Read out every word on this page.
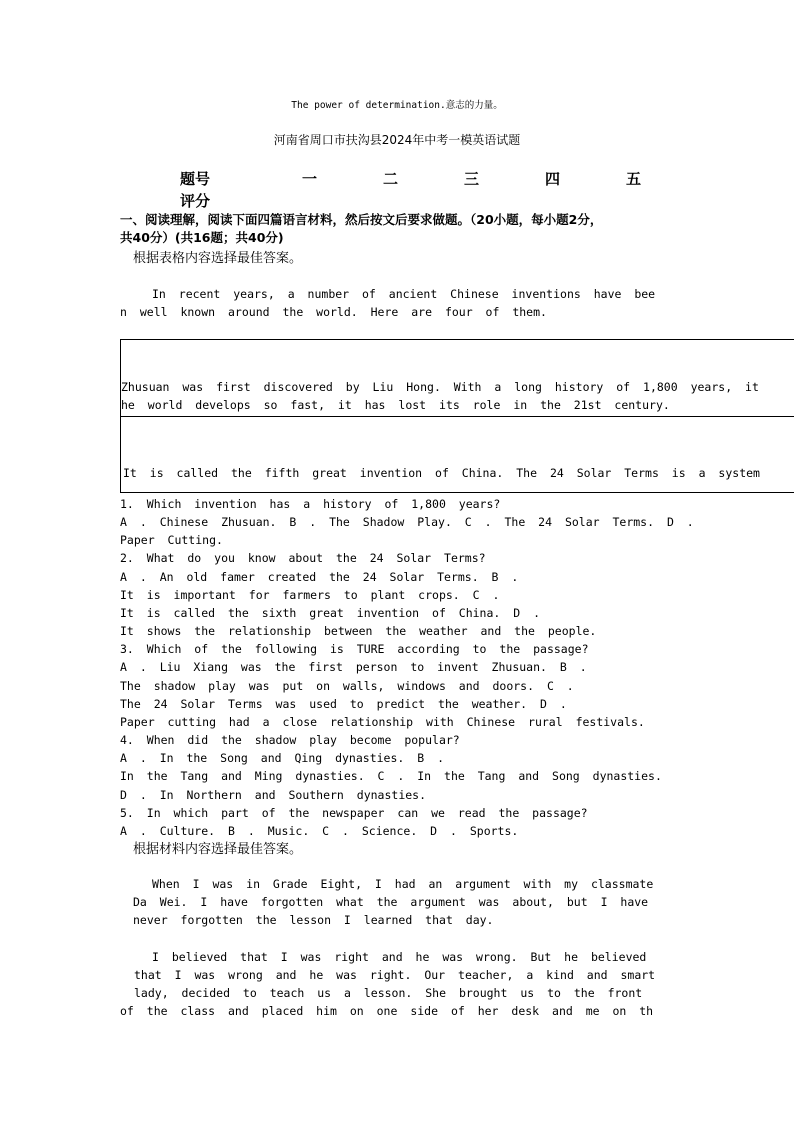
The power of determination.意志的力量。
河南省周口市扶沟县2024年中考一模英语试题
题号	一	二	三	四	五
评分
一、阅读理解，阅读下面四篇语言材料，然后按文后要求做题。（20小题，每小题2分，
共40分）(共16题；共40分)
根据表格内容选择最佳答案。
In recent years, a number of ancient Chinese inventions have bee
n well known around the world. Here are four of them.
Zhusuan was first discovered by Liu Hong. With a long history of 1,800 years, it
he world develops so fast, it has lost its role in the 21st century.
It is called the fifth great invention of China. The 24 Solar Terms is a system
1. Which invention has a history of 1,800 years?
A . Chinese Zhusuan. B . The Shadow Play. C . The 24 Solar Terms. D .
Paper Cutting.
2. What do you know about the 24 Solar Terms?
A . An old famer created the 24 Solar Terms. B .
It is important for farmers to plant crops. C .
It is called the sixth great invention of China. D .
It shows the relationship between the weather and the people.
3. Which of the following is TURE according to the passage?
A . Liu Xiang was the first person to invent Zhusuan. B .
The shadow play was put on walls, windows and doors. C .
The 24 Solar Terms was used to predict the weather. D .
Paper cutting had a close relationship with Chinese rural festivals.
4. When did the shadow play become popular?
A . In the Song and Qing dynasties. B .
In the Tang and Ming dynasties. C . In the Tang and Song dynasties.
D . In Northern and Southern dynasties.
5. In which part of the newspaper can we read the passage?
A . Culture. B . Music. C . Science. D . Sports.
根据材料内容选择最佳答案。
When I was in Grade Eight, I had an argument with my classmate
Da Wei. I have forgotten what the argument was about, but I have
never forgotten the lesson I learned that day.
I believed that I was right and he was wrong. But he believed
that I was wrong and he was right. Our teacher, a kind and smart
lady, decided to teach us a lesson. She brought us to the front
of the class and placed him on one side of her desk and me on th
